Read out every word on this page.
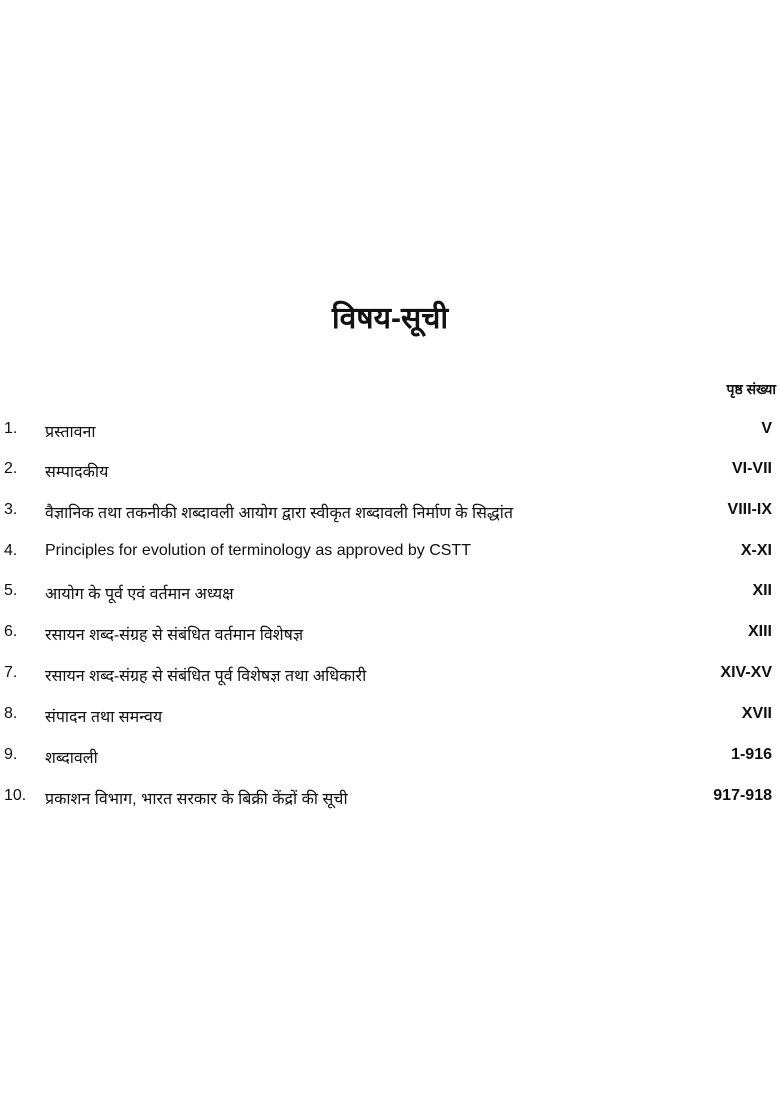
विषय-सूची
पृष्ठ संख्या
1. प्रस्तावना	V
2. सम्पादकीय	VI-VII
3. वैज्ञानिक तथा तकनीकी शब्दावली आयोग द्वारा स्वीकृत शब्दावली निर्माण के सिद्धांत	VIII-IX
4. Principles for evolution of terminology as approved by CSTT	X-XI
5. आयोग के पूर्व एवं वर्तमान अध्यक्ष	XII
6. रसायन शब्द-संग्रह से संबंधित वर्तमान विशेषज्ञ	XIII
7. रसायन शब्द-संग्रह से संबंधित पूर्व विशेषज्ञ तथा अधिकारी	XIV-XV
8. संपादन तथा समन्वय	XVII
9. शब्दावली	1-916
10. प्रकाशन विभाग, भारत सरकार के बिक्री केंद्रों की सूची	917-918
